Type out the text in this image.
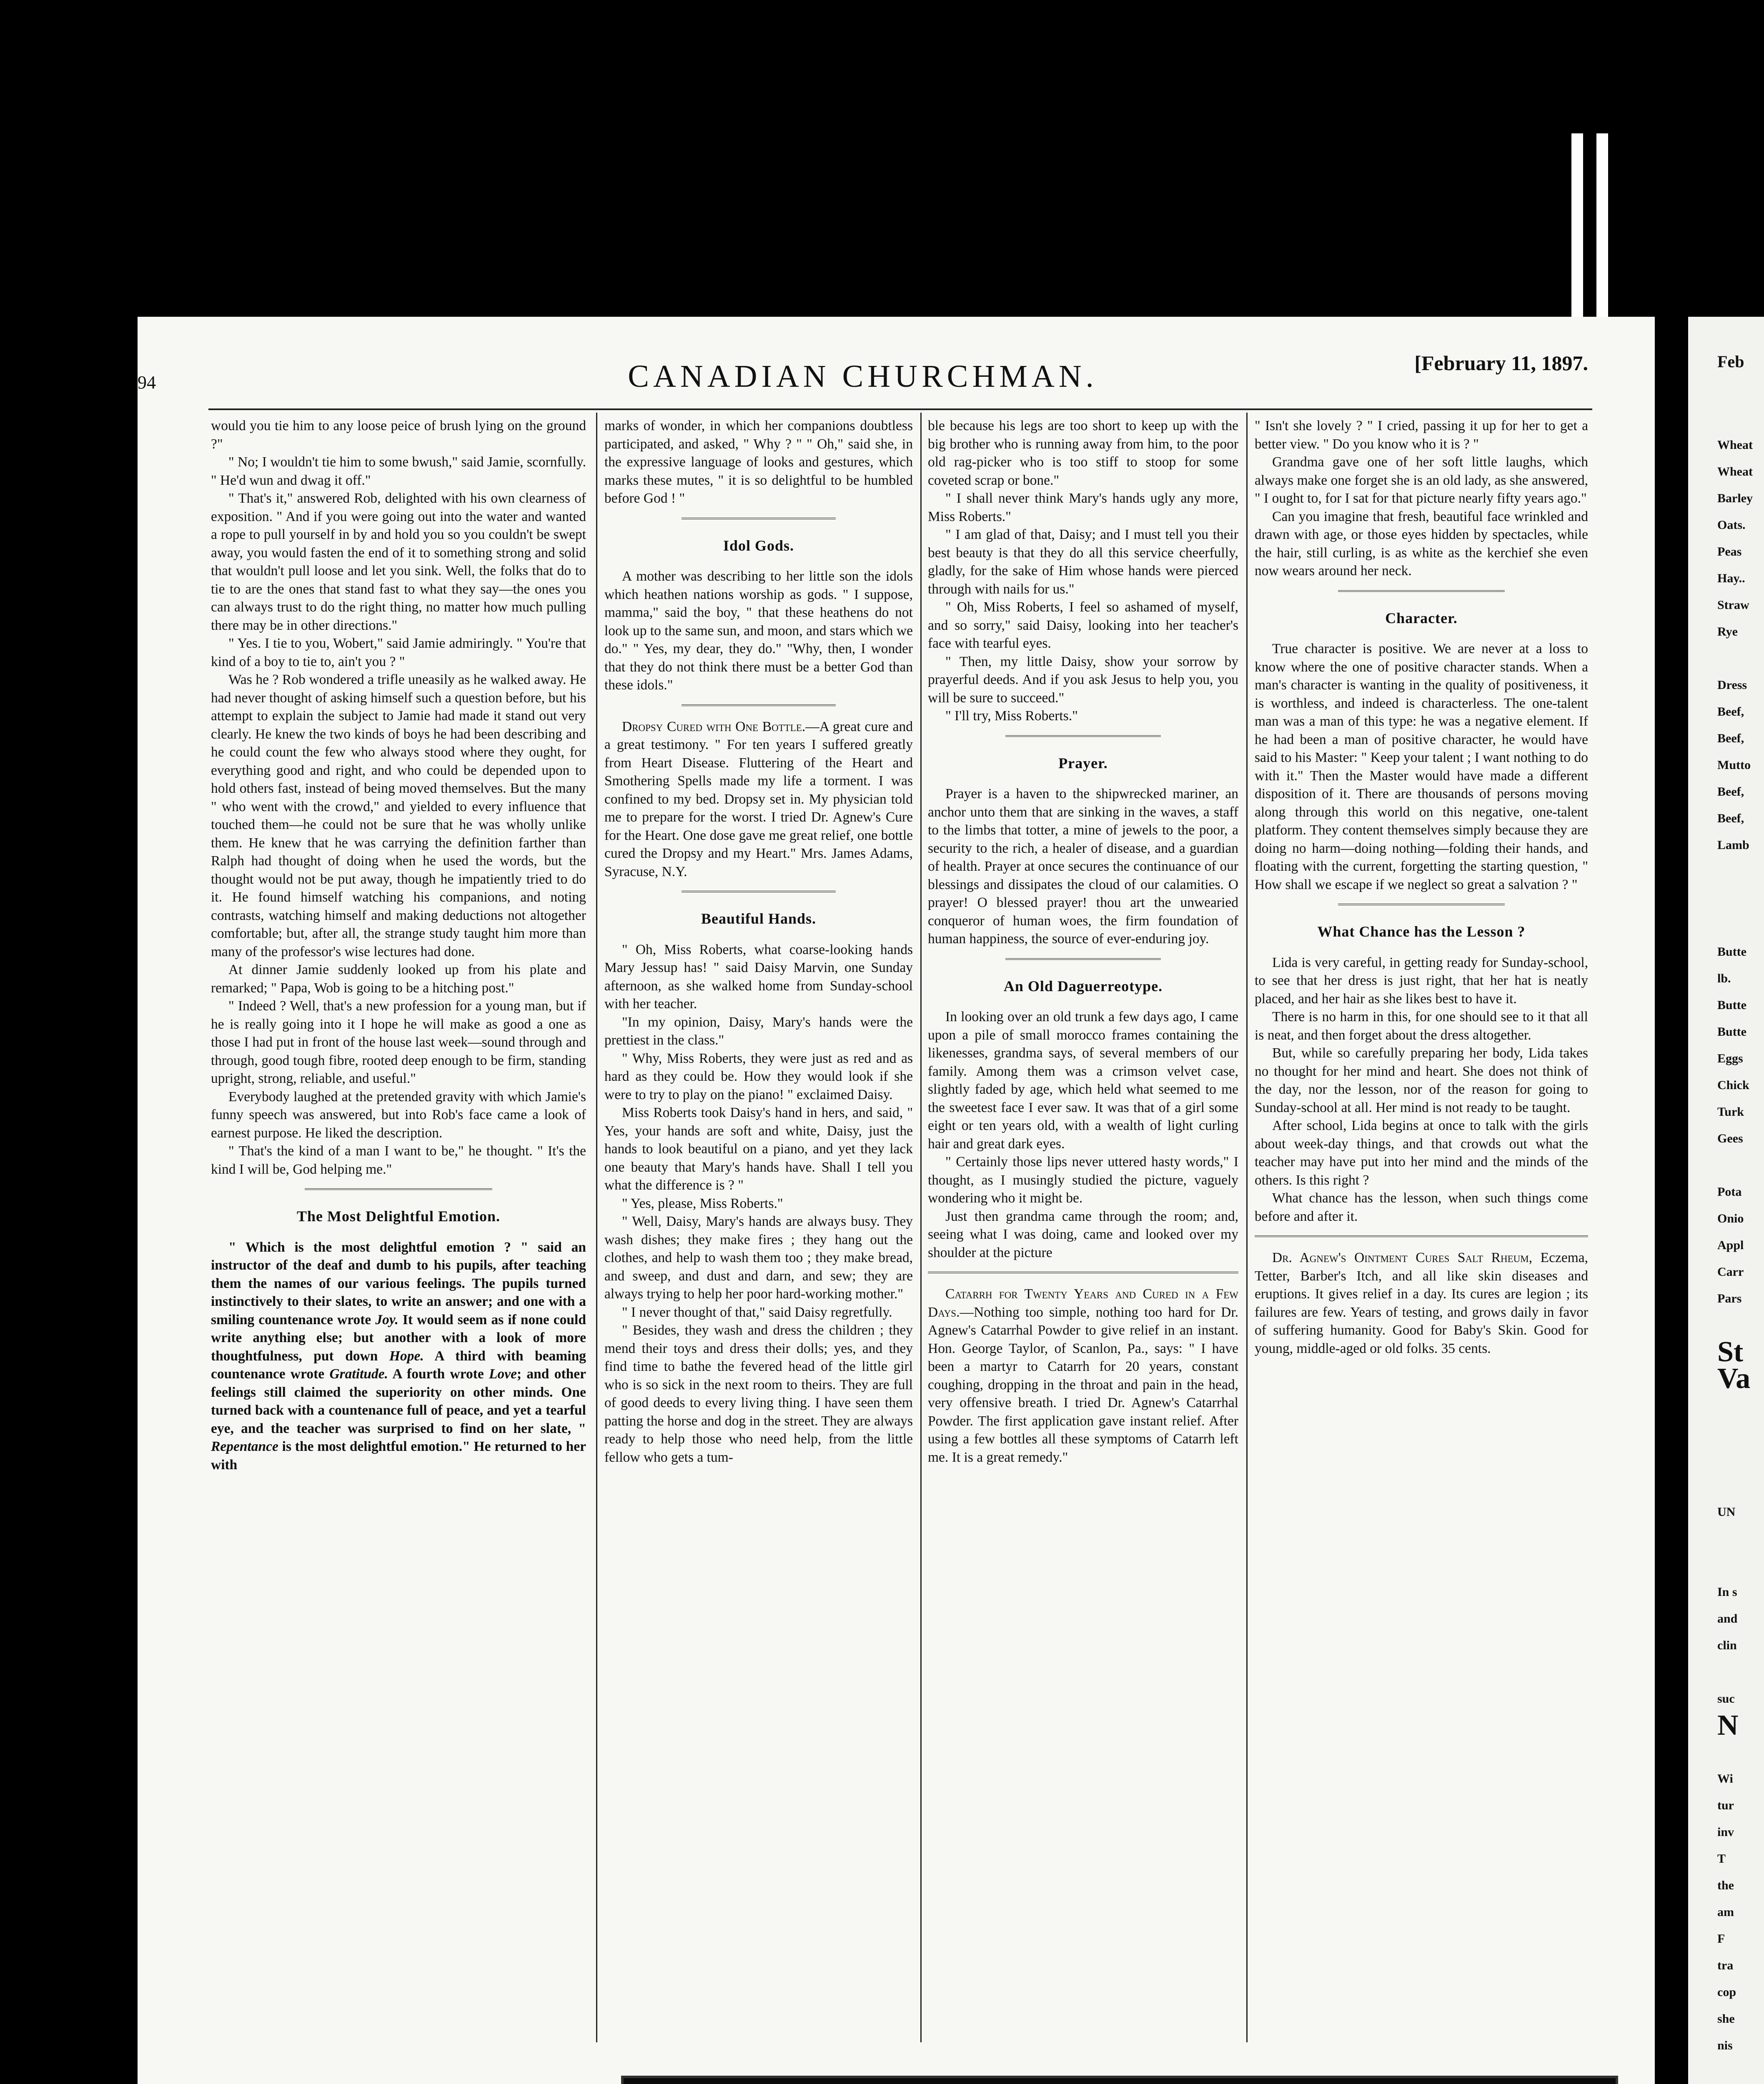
Feb
Wheat
Wheat
Barley
Oats.
Peas
Hay..
Straw
Rye
Dress
Beef,
Beef,
Mutto
Beef,
Beef,
Lamb
Butte
lb.
Butte
Butte
Eggs
Chick
Turk
Gees
Pota
Onio
Appl
Carr
Pars
St
Va
UN
In s
and
clin
suc
N
Wi
tur
inv
T
the
am
F
tra
cop
she
nis
94	CANADIAN CHURCHMAN.	[February 11, 1897.

would you tie him to any loose peice of brush lying on the ground ?"

" No; I wouldn't tie him to some bwush," said Jamie, scornfully. " He'd wun and dwag it off."

" That's it," answered Rob, delighted with his own clearness of exposition. " And if you were going out into the water and wanted a rope to pull yourself in by and hold you so you couldn't be swept away, you would fasten the end of it to something strong and solid that wouldn't pull loose and let you sink. Well, the folks that do to tie to are the ones that stand fast to what they say—the ones you can always trust to do the right thing, no matter how much pulling there may be in other directions."

" Yes. I tie to you, Wobert," said Jamie admiringly. " You're that kind of a boy to tie to, ain't you ? "

Was he ? Rob wondered a trifle uneasily as he walked away. He had never thought of asking himself such a question before, but his attempt to explain the subject to Jamie had made it stand out very clearly. He knew the two kinds of boys he had been describing and he could count the few who always stood where they ought, for everything good and right, and who could be depended upon to hold others fast, instead of being moved themselves. But the many " who went with the crowd," and yielded to every influence that touched them—he could not be sure that he was wholly unlike them. He knew that he was carrying the definition farther than Ralph had thought of doing when he used the words, but the thought would not be put away, though he impatiently tried to do it. He found himself watching his companions, and noting contrasts, watching himself and making deductions not altogether comfortable; but, after all, the strange study taught him more than many of the professor's wise lectures had done.

At dinner Jamie suddenly looked up from his plate and remarked; " Papa, Wob is going to be a hitching post."

" Indeed ? Well, that's a new profession for a young man, but if he is really going into it I hope he will make as good a one as those I had put in front of the house last week—sound through and through, good tough fibre, rooted deep enough to be firm, standing upright, strong, reliable, and useful."

Everybody laughed at the pretended gravity with which Jamie's funny speech was answered, but into Rob's face came a look of earnest purpose. He liked the description.

" That's the kind of a man I want to be," he thought. " It's the kind I will be, God helping me."

The Most Delightful Emotion.

" Which is the most delightful emotion ? " said an instructor of the deaf and dumb to his pupils, after teaching them the names of our various feelings. The pupils turned instinctively to their slates, to write an answer; and one with a smiling countenance wrote Joy. It would seem as if none could write anything else; but another with a look of more thoughtfulness, put down Hope. A third with beaming countenance wrote Gratitude. A fourth wrote Love; and other feelings still claimed the superiority on other minds. One turned back with a countenance full of peace, and yet a tearful eye, and the teacher was surprised to find on her slate, " Repentance is the most delightful emotion." He returned to her with

marks of wonder, in which her companions doubtless participated, and asked, " Why ? " " Oh," said she, in the expressive language of looks and gestures, which marks these mutes, " it is so delightful to be humbled before God ! "

Idol Gods.

A mother was describing to her little son the idols which heathen nations worship as gods. " I suppose, mamma," said the boy, " that these heathens do not look up to the same sun, and moon, and stars which we do." " Yes, my dear, they do." "Why, then, I wonder that they do not think there must be a better God than these idols."

Dropsy Cured with One Bottle.—A great cure and a great testimony. " For ten years I suffered greatly from Heart Disease. Fluttering of the Heart and Smothering Spells made my life a torment. I was confined to my bed. Dropsy set in. My physician told me to prepare for the worst. I tried Dr. Agnew's Cure for the Heart. One dose gave me great relief, one bottle cured the Dropsy and my Heart." Mrs. James Adams, Syracuse, N.Y.

Beautiful Hands.

" Oh, Miss Roberts, what coarse-looking hands Mary Jessup has! " said Daisy Marvin, one Sunday afternoon, as she walked home from Sunday-school with her teacher.

"In my opinion, Daisy, Mary's hands were the prettiest in the class."

" Why, Miss Roberts, they were just as red and as hard as they could be. How they would look if she were to try to play on the piano! " exclaimed Daisy.

Miss Roberts took Daisy's hand in hers, and said, " Yes, your hands are soft and white, Daisy, just the hands to look beautiful on a piano, and yet they lack one beauty that Mary's hands have. Shall I tell you what the difference is ? "

" Yes, please, Miss Roberts."

" Well, Daisy, Mary's hands are always busy. They wash dishes; they make fires ; they hang out the clothes, and help to wash them too ; they make bread, and sweep, and dust and darn, and sew; they are always trying to help her poor hard-working mother."

" I never thought of that," said Daisy regretfully.

" Besides, they wash and dress the children ; they mend their toys and dress their dolls; yes, and they find time to bathe the fevered head of the little girl who is so sick in the next room to theirs. They are full of good deeds to every living thing. I have seen them patting the horse and dog in the street. They are always ready to help those who need help, from the little fellow who gets a tum-

ble because his legs are too short to keep up with the big brother who is running away from him, to the poor old rag-picker who is too stiff to stoop for some coveted scrap or bone."

" I shall never think Mary's hands ugly any more, Miss Roberts."

" I am glad of that, Daisy; and I must tell you their best beauty is that they do all this service cheerfully, gladly, for the sake of Him whose hands were pierced through with nails for us."

" Oh, Miss Roberts, I feel so ashamed of myself, and so sorry," said Daisy, looking into her teacher's face with tearful eyes.

" Then, my little Daisy, show your sorrow by prayerful deeds. And if you ask Jesus to help you, you will be sure to succeed."

" I'll try, Miss Roberts."

Prayer.

Prayer is a haven to the shipwrecked mariner, an anchor unto them that are sinking in the waves, a staff to the limbs that totter, a mine of jewels to the poor, a security to the rich, a healer of disease, and a guardian of health. Prayer at once secures the continuance of our blessings and dissipates the cloud of our calamities. O prayer! O blessed prayer! thou art the unwearied conqueror of human woes, the firm foundation of human happiness, the source of ever-enduring joy.

An Old Daguerreotype.

In looking over an old trunk a few days ago, I came upon a pile of small morocco frames containing the likenesses, grandma says, of several members of our family. Among them was a crimson velvet case, slightly faded by age, which held what seemed to me the sweetest face I ever saw. It was that of a girl some eight or ten years old, with a wealth of light curling hair and great dark eyes.

" Certainly those lips never uttered hasty words," I thought, as I musingly studied the picture, vaguely wondering who it might be.

Just then grandma came through the room; and, seeing what I was doing, came and looked over my shoulder at the picture

Catarrh for Twenty Years and Cured in a Few Days.—Nothing too simple, nothing too hard for Dr. Agnew's Catarrhal Powder to give relief in an instant. Hon. George Taylor, of Scanlon, Pa., says: " I have been a martyr to Catarrh for 20 years, constant coughing, dropping in the throat and pain in the head, very offensive breath. I tried Dr. Agnew's Catarrhal Powder. The first application gave instant relief. After using a few bottles all these symptoms of Catarrh left me. It is a great remedy."

" Isn't she lovely ? " I cried, passing it up for her to get a better view. " Do you know who it is ? "

Grandma gave one of her soft little laughs, which always make one forget she is an old lady, as she answered, " I ought to, for I sat for that picture nearly fifty years ago."

Can you imagine that fresh, beautiful face wrinkled and drawn with age, or those eyes hidden by spectacles, while the hair, still curling, is as white as the kerchief she even now wears around her neck.

Character.

True character is positive. We are never at a loss to know where the one of positive character stands. When a man's character is wanting in the quality of positiveness, it is worthless, and indeed is characterless. The one-talent man was a man of this type: he was a negative element. If he had been a man of positive character, he would have said to his Master: " Keep your talent ; I want nothing to do with it." Then the Master would have made a different disposition of it. There are thousands of persons moving along through this world on this negative, one-talent platform. They content themselves simply because they are doing no harm—doing nothing—folding their hands, and floating with the current, forgetting the starting question, " How shall we escape if we neglect so great a salvation ? "

What Chance has the Lesson ?

Lida is very careful, in getting ready for Sunday-school, to see that her dress is just right, that her hat is neatly placed, and her hair as she likes best to have it.

There is no harm in this, for one should see to it that all is neat, and then forget about the dress altogether.

But, while so carefully preparing her body, Lida takes no thought for her mind and heart. She does not think of the day, nor the lesson, nor of the reason for going to Sunday-school at all. Her mind is not ready to be taught.

After school, Lida begins at once to talk with the girls about week-day things, and that crowds out what the teacher may have put into her mind and the minds of the others. Is this right ?

What chance has the lesson, when such things come before and after it.

Dr. Agnew's Ointment Cures Salt Rheum, Eczema, Tetter, Barber's Itch, and all like skin diseases and eruptions. It gives relief in a day. Its cures are legion ; its failures are few. Years of testing, and grows daily in favor of suffering humanity. Good for Baby's Skin. Good for young, middle-aged or old folks. 35 cents.
